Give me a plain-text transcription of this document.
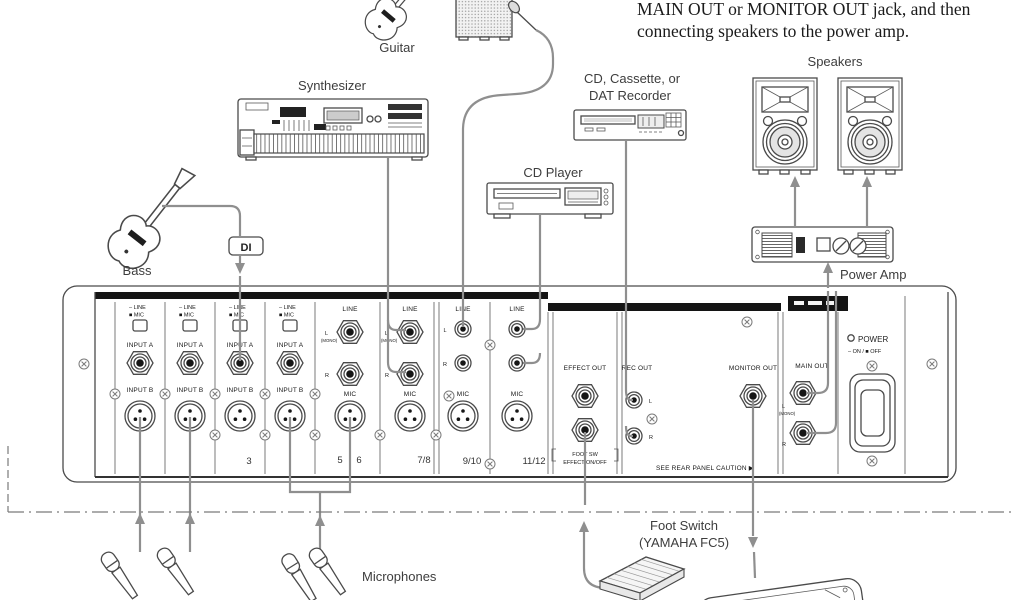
MAIN OUT or MONITOR OUT jack, and then
connecting speakers to the power amp.
Guitar
Synthesizer
Bass
CD, Cassette, or
DAT Recorder
CD Player
Speakers
Power Amp
– LINE
■ MIC
INPUT A
INPUT B
– LINE
■ MIC
INPUT A
INPUT B
– LINE
■ MIC
INPUT A
INPUT B
– LINE
■ MIC
INPUT A
INPUT B
LINE
L
(MONO)
R
MIC
LINE
L
(MONO)
R
MIC
LINE
MIC
LINE
MIC
L
R
3	5 6	7/8	9/10	11/12
EFFECT OUT
FOOT SW
EFFECT ON/OFF
REC OUT
L
R
MONITOR OUT	MAIN OUT
L
(MONO)
R
POWER
– ON / ■ OFF
SEE REAR PANEL CAUTION ▶
DI
Microphones
Foot Switch
(YAMAHA FC5)
